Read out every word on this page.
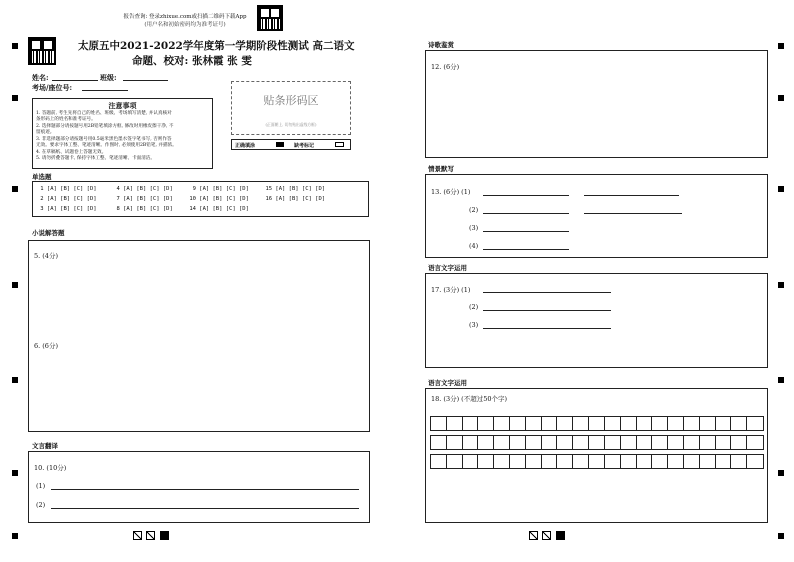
报告查询: 登录zhixue.com或扫描二维码下载App
(用户名和初始密码均为准考证号)
太原五中2021-2022学年度第一学期阶段性测试 高二语文
命题、校对: 张林霞 张 雯
姓名:	班级:
考场/座位号:
注意事项
1. 答题前, 考生先将自己的姓名、班级、考场填写清楚, 并认真核对
条形码上的姓名和准考证号。
2. 选择题部分请按题号用2B铅笔填涂方框, 修改时用橡皮擦干净, 不
留痕迹。
3. 非选择题部分请按题号用0.5毫米黑色墨水签字笔书写, 否则作答
无效。要求字体工整、笔迹清晰。作图时, 必须使用2B铅笔, 并描浓。
4. 在草稿纸、试题卷上答题无效。
5. 请勿折叠答题卡, 保持字体工整、笔迹清晰、卡面清洁。
贴条形码区
(正面朝上, 切勿贴出虚线方框)
正确填涂	缺考标记
单选题
1 [A] [B] [C] [D]      4 [A] [B] [C] [D]      9 [A] [B] [C] [D]     15 [A] [B] [C] [D]
2 [A] [B] [C] [D]      7 [A] [B] [C] [D]     10 [A] [B] [C] [D]     16 [A] [B] [C] [D]
3 [A] [B] [C] [D]      8 [A] [B] [C] [D]     14 [A] [B] [C] [D]
小说解答题
5. (4分)
6. (6分)
文言翻译
10. (10分)
(1)
(2)
诗歌鉴赏
12. (6分)
情景默写
13. (6分) (1)
(2)
(3)
(4)
语言文字运用
17. (3分) (1)
(2)
(3)
语言文字运用
18. (3分) (不超过50个字)
